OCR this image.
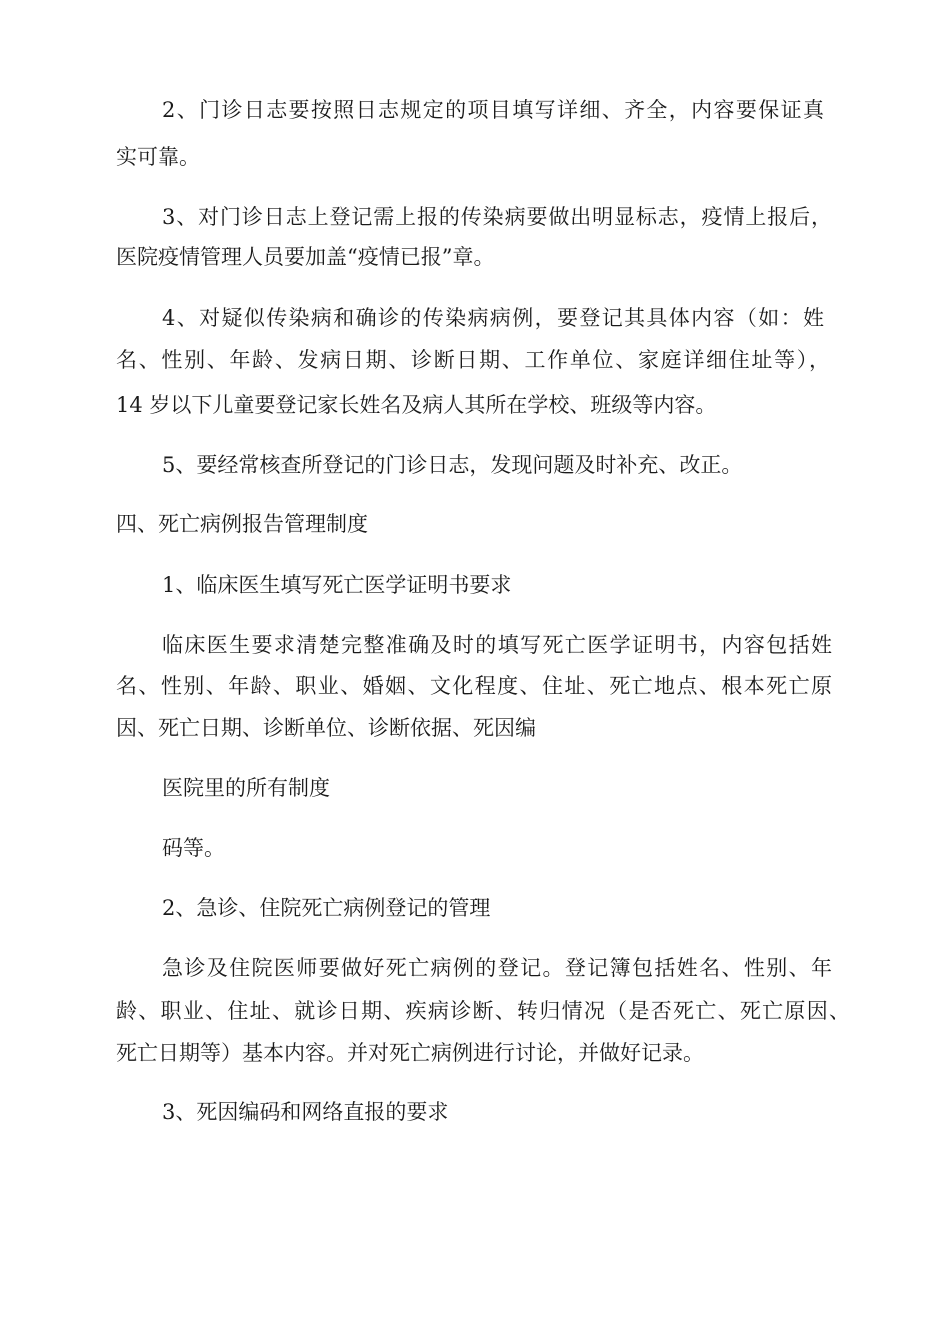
2、门诊日志要按照日志规定的项目填写详细、齐全，内容要保证真
实可靠。
3、对门诊日志上登记需上报的传染病要做出明显标志，疫情上报后，
医院疫情管理人员要加盖“疫情已报”章。
4、对疑似传染病和确诊的传染病病例，要登记其具体内容（如：姓
名、性别、年龄、发病日期、诊断日期、工作单位、家庭详细住址等），
14 岁以下儿童要登记家长姓名及病人其所在学校、班级等内容。
5、要经常核查所登记的门诊日志，发现问题及时补充、改正。
四、死亡病例报告管理制度
1、临床医生填写死亡医学证明书要求
临床医生要求清楚完整准确及时的填写死亡医学证明书，内容包括姓
名、性别、年龄、职业、婚姻、文化程度、住址、死亡地点、根本死亡原
因、死亡日期、诊断单位、诊断依据、死因编
医院里的所有制度
码等。
2、急诊、住院死亡病例登记的管理
急诊及住院医师要做好死亡病例的登记。登记簿包括姓名、性别、年
龄、职业、住址、就诊日期、疾病诊断、转归情况（是否死亡、死亡原因、
死亡日期等）基本内容。并对死亡病例进行讨论，并做好记录。
3、死因编码和网络直报的要求
